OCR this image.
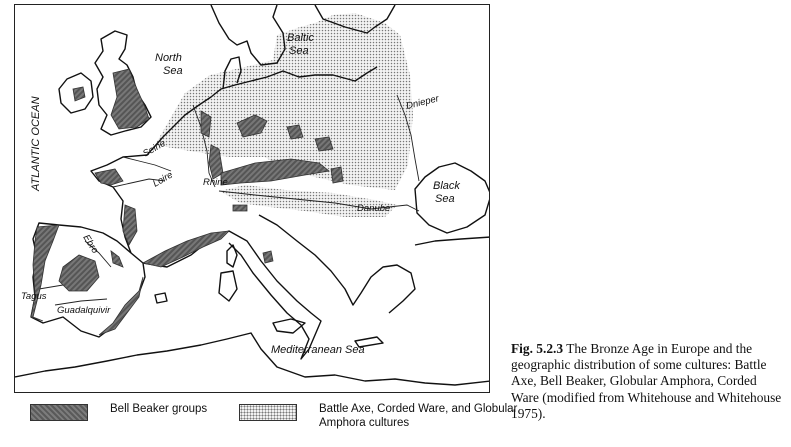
ATLANTIC OCEAN
North
Sea
Baltic
Sea
Dnieper
Seine
Loire	Rhine
Danube
Black
Sea
Ebro
Tagus
Guadalquivir
Mediterranean Sea	Fig. 5.2.3 The Bronze Age in Europe and the geographic distribution of some cultures: Battle Axe, Bell Beaker, Globular Amphora, Corded Ware (modified from Whitehouse and Whitehouse 1975).
Bell Beaker groups	Battle Axe, Corded Ware, and Globular Amphora cultures
